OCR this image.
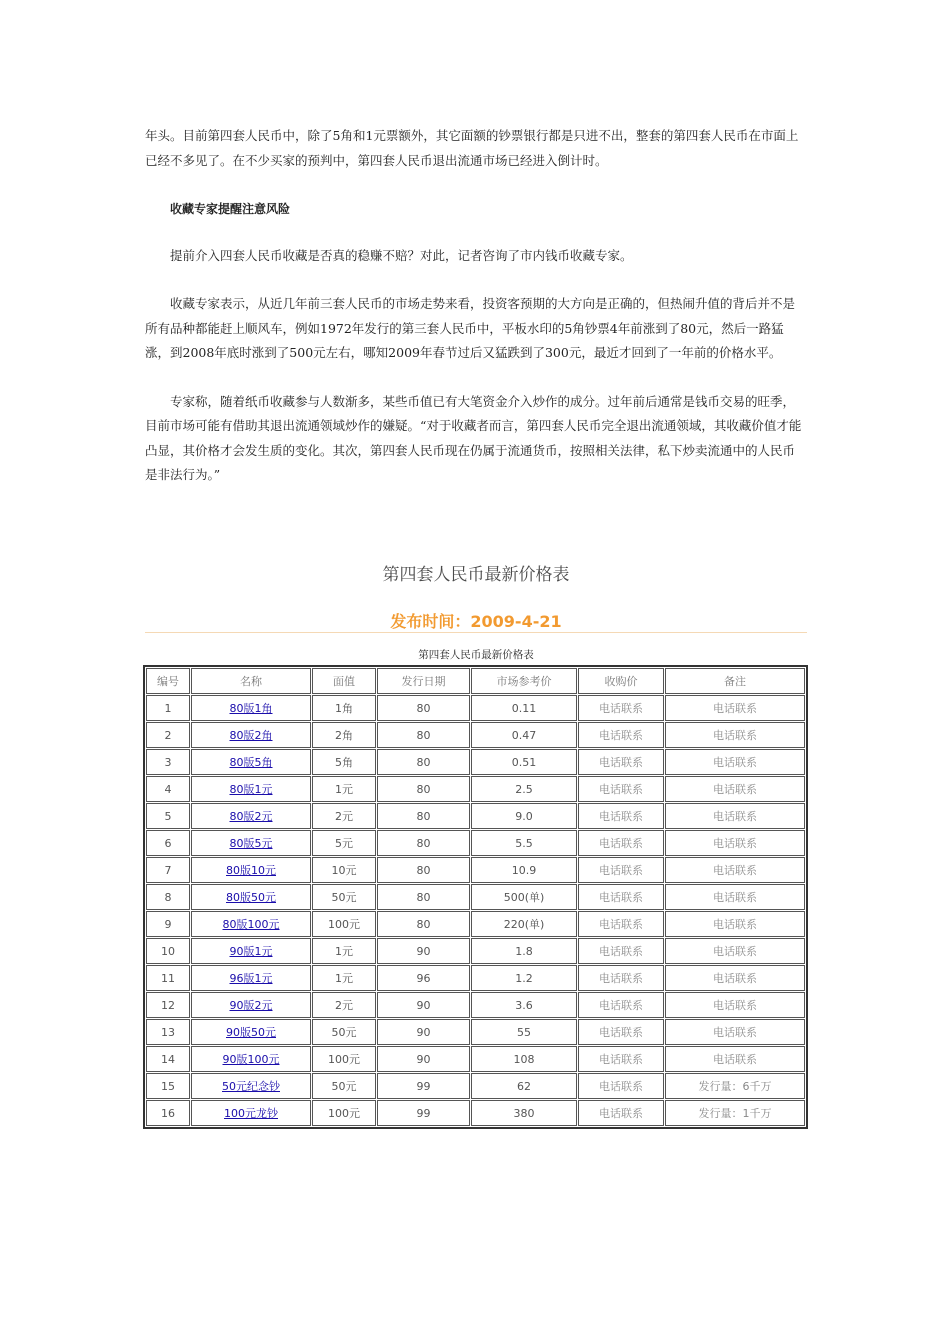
年头。目前第四套人民币中，除了5角和1元票额外，其它面额的钞票银行都是只进不出，整套的第四套人民币在市面上已经不多见了。在不少买家的预判中，第四套人民币退出流通市场已经进入倒计时。

收藏专家提醒注意风险

提前介入四套人民币收藏是否真的稳赚不赔？对此，记者咨询了市内钱币收藏专家。

收藏专家表示，从近几年前三套人民币的市场走势来看，投资客预期的大方向是正确的，但热闹升值的背后并不是所有品种都能赶上顺风车，例如1972年发行的第三套人民币中，平板水印的5角钞票4年前涨到了80元，然后一路猛涨，到2008年底时涨到了500元左右，哪知2009年春节过后又猛跌到了300元，最近才回到了一年前的价格水平。

专家称，随着纸币收藏参与人数渐多，某些币值已有大笔资金介入炒作的成分。过年前后通常是钱币交易的旺季，目前市场可能有借助其退出流通领域炒作的嫌疑。“对于收藏者而言，第四套人民币完全退出流通领域，其收藏价值才能凸显，其价格才会发生质的变化。其次，第四套人民币现在仍属于流通货币，按照相关法律，私下炒卖流通中的人民币是非法行为。”

第四套人民币最新价格表
发布时间：2009-4-21
第四套人民币最新价格表
编号	名称	面值	发行日期	市场参考价	收购价	备注
1	80版1角	1角	80	0.11	电话联系	电话联系
2	80版2角	2角	80	0.47	电话联系	电话联系
3	80版5角	5角	80	0.51	电话联系	电话联系
4	80版1元	1元	80	2.5	电话联系	电话联系
5	80版2元	2元	80	9.0	电话联系	电话联系
6	80版5元	5元	80	5.5	电话联系	电话联系
7	80版10元	10元	80	10.9	电话联系	电话联系
8	80版50元	50元	80	500(单)	电话联系	电话联系
9	80版100元	100元	80	220(单)	电话联系	电话联系
10	90版1元	1元	90	1.8	电话联系	电话联系
11	96版1元	1元	96	1.2	电话联系	电话联系
12	90版2元	2元	90	3.6	电话联系	电话联系
13	90版50元	50元	90	55	电话联系	电话联系
14	90版100元	100元	90	108	电话联系	电话联系
15	50元纪念钞	50元	99	62	电话联系	发行量：6千万
16	100元龙钞	100元	99	380	电话联系	发行量：1千万
